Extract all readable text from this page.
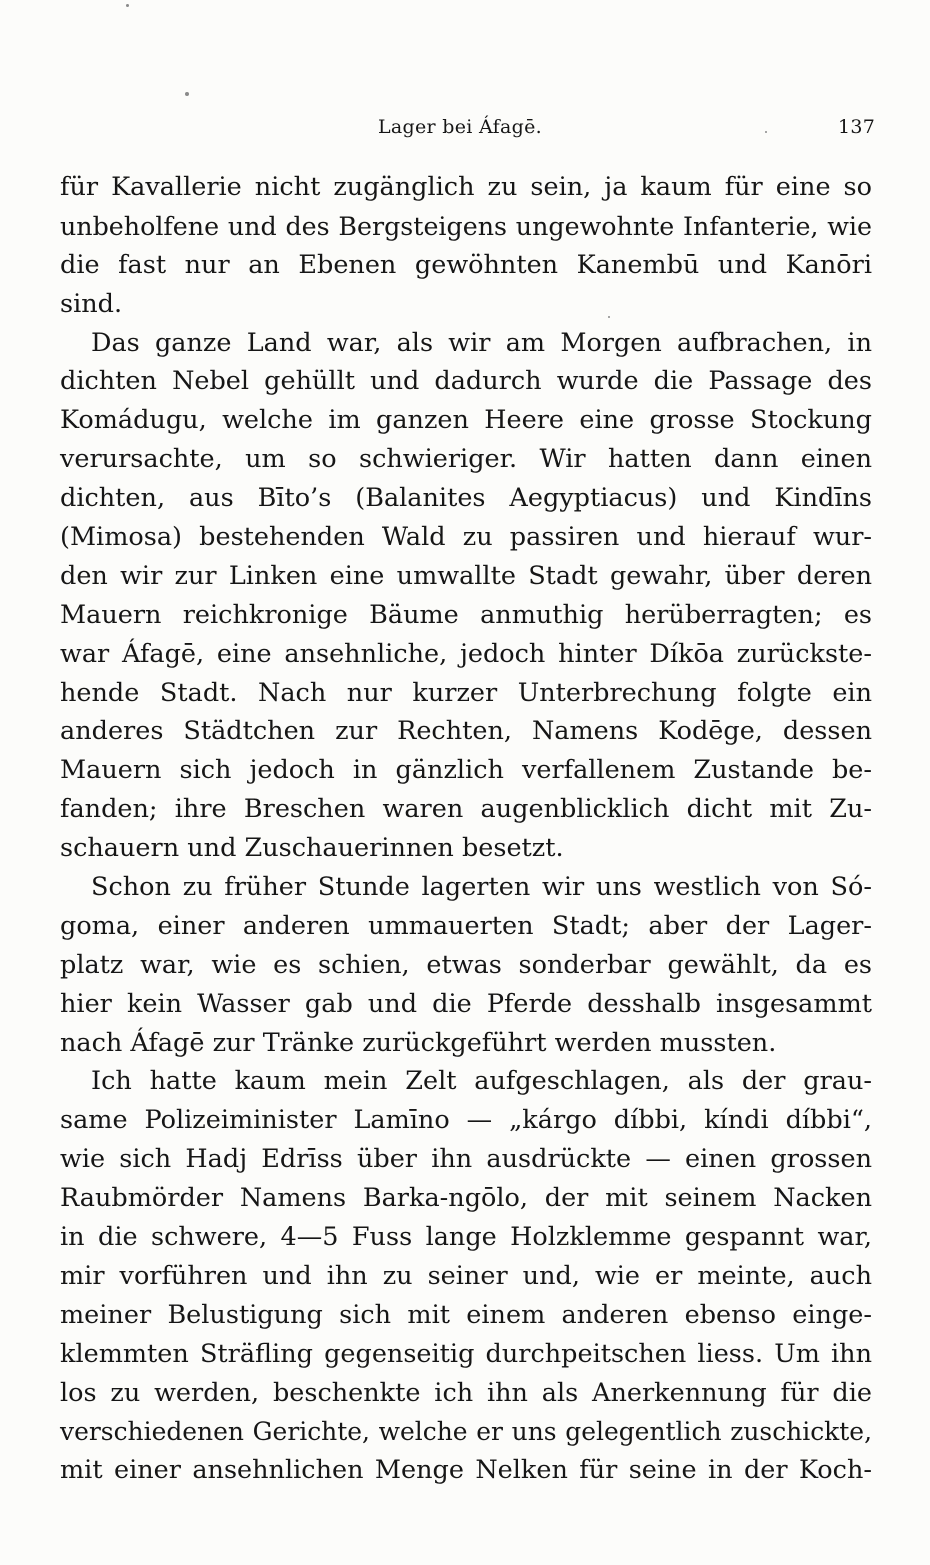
Lager bei Áfagē.	137

für Kavallerie nicht zugänglich zu sein, ja kaum für eine so
unbeholfene und des Bergsteigens ungewohnte Infanterie, wie
die fast nur an Ebenen gewöhnten Kanembū und Kanōri
sind.

Das ganze Land war, als wir am Morgen aufbrachen, in
dichten Nebel gehüllt und dadurch wurde die Passage des
Komádugu, welche im ganzen Heere eine grosse Stockung
verursachte, um so schwieriger. Wir hatten dann einen
dichten, aus Bīto’s (Balanites Aegyptiacus) und Kindīns
(Mimosa) bestehenden Wald zu passiren und hierauf wur-
den wir zur Linken eine umwallte Stadt gewahr, über deren
Mauern reichkronige Bäume anmuthig herüberragten; es
war Áfagē, eine ansehnliche, jedoch hinter Díkōa zurückste-
hende Stadt. Nach nur kurzer Unterbrechung folgte ein
anderes Städtchen zur Rechten, Namens Kodēge, dessen
Mauern sich jedoch in gänzlich verfallenem Zustande be-
fanden; ihre Breschen waren augenblicklich dicht mit Zu-
schauern und Zuschauerinnen besetzt.

Schon zu früher Stunde lagerten wir uns westlich von Só-
goma, einer anderen ummauerten Stadt; aber der Lager-
platz war, wie es schien, etwas sonderbar gewählt, da es
hier kein Wasser gab und die Pferde desshalb insgesammt
nach Áfagē zur Tränke zurückgeführt werden mussten.

Ich hatte kaum mein Zelt aufgeschlagen, als der grau-
same Polizeiminister Lamīno — „kárgo díbbi, kíndi díbbi“,
wie sich Hadj Edrīss über ihn ausdrückte — einen grossen
Raubmörder Namens Barka-ngōlo, der mit seinem Nacken
in die schwere, 4—5 Fuss lange Holzklemme gespannt war,
mir vorführen und ihn zu seiner und, wie er meinte, auch
meiner Belustigung sich mit einem anderen ebenso einge-
klemmten Sträfling gegenseitig durchpeitschen liess. Um ihn
los zu werden, beschenkte ich ihn als Anerkennung für die
verschiedenen Gerichte, welche er uns gelegentlich zuschickte,
mit einer ansehnlichen Menge Nelken für seine in der Koch-
